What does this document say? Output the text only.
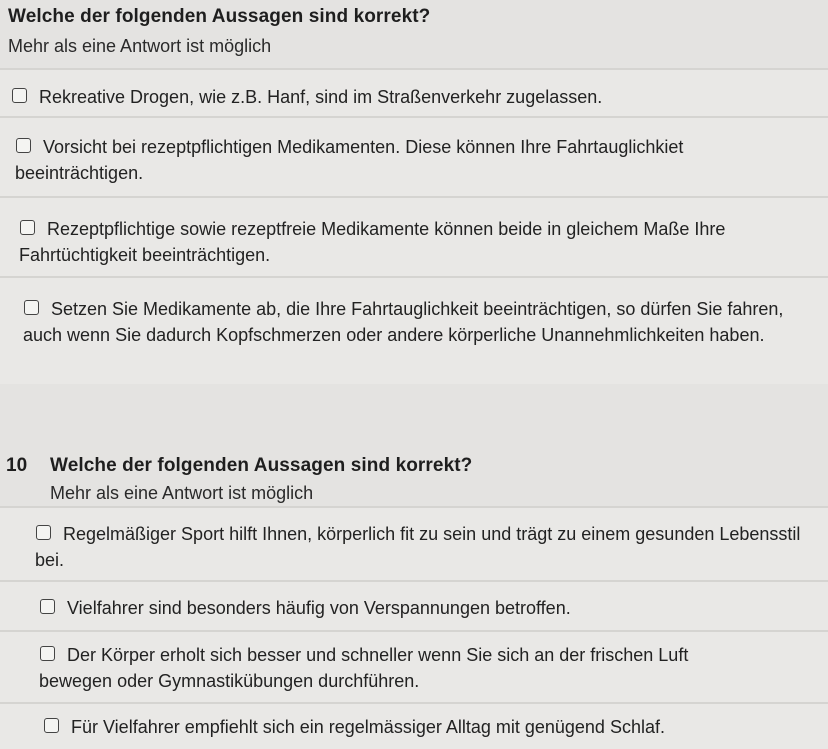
Welche der folgenden Aussagen sind korrekt?
Mehr als eine Antwort ist möglich
Rekreative Drogen, wie z.B. Hanf, sind im Straßenverkehr zugelassen.
Vorsicht bei rezeptpflichtigen Medikamenten. Diese können Ihre Fahrtauglichkiet beeinträchtigen.
Rezeptpflichtige sowie rezeptfreie Medikamente können beide in gleichem Maße Ihre Fahrtüchtigkeit beeinträchtigen.
Setzen Sie Medikamente ab, die Ihre Fahrtauglichkeit beeinträchtigen, so dürfen Sie fahren, auch wenn Sie dadurch Kopfschmerzen oder andere körperliche Unannehmlichkeiten haben.
10 Welche der folgenden Aussagen sind korrekt?
Mehr als eine Antwort ist möglich
Regelmäßiger Sport hilft Ihnen, körperlich fit zu sein und trägt zu einem gesunden Lebensstil bei.
Vielfahrer sind besonders häufig von Verspannungen betroffen.
Der Körper erholt sich besser und schneller wenn Sie sich an der frischen Luft bewegen oder Gymnastikübungen durchführen.
Für Vielfahrer empfiehlt sich ein regelmässiger Alltag mit genügend Schlaf.
